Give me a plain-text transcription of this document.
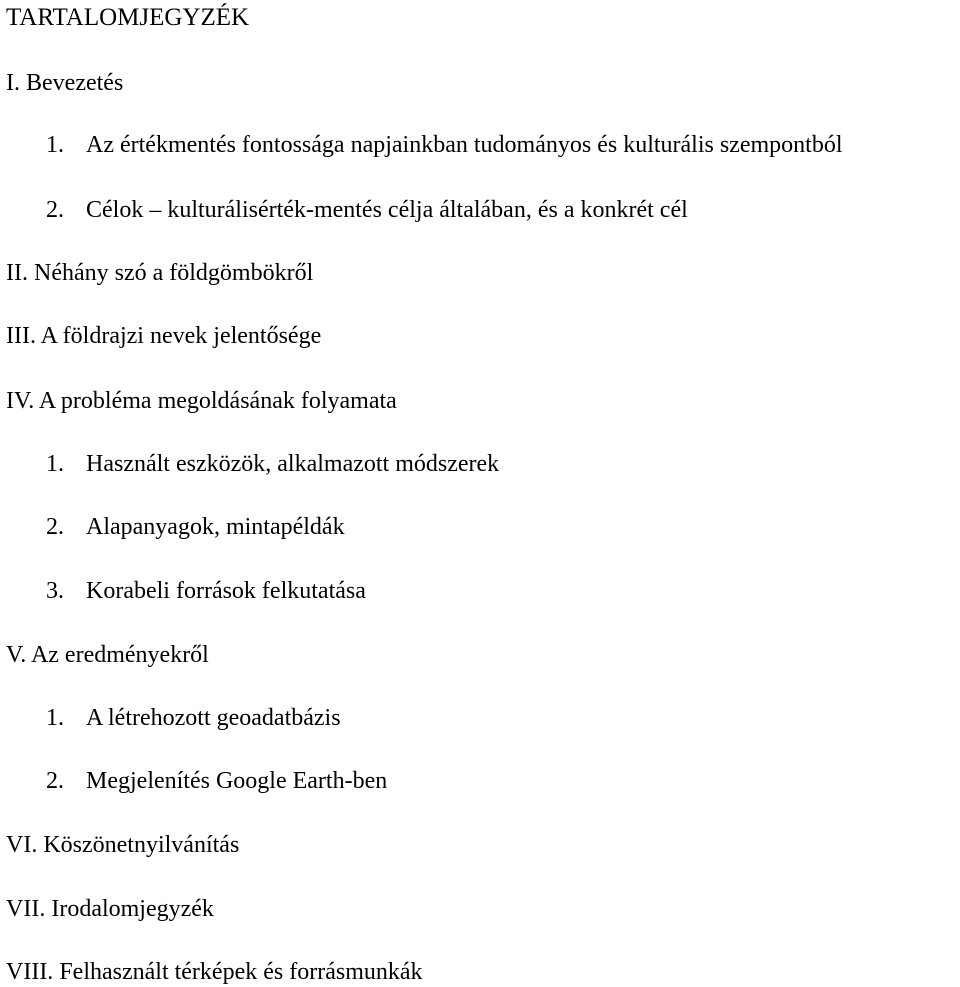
TARTALOMJEGYZÉK

I. Bevezetés

1. Az értékmentés fontossága napjainkban tudományos és kulturális szempontból

2. Célok – kulturálisérték-mentés célja általában, és a konkrét cél

II. Néhány szó a földgömbökről

III. A földrajzi nevek jelentősége

IV. A probléma megoldásának folyamata

1. Használt eszközök, alkalmazott módszerek

2. Alapanyagok, mintapéldák

3. Korabeli források felkutatása

V. Az eredményekről

1. A létrehozott geoadatbázis

2. Megjelenítés Google Earth-ben

VI. Köszönetnyilvánítás

VII. Irodalomjegyzék

VIII. Felhasznált térképek és forrásmunkák
